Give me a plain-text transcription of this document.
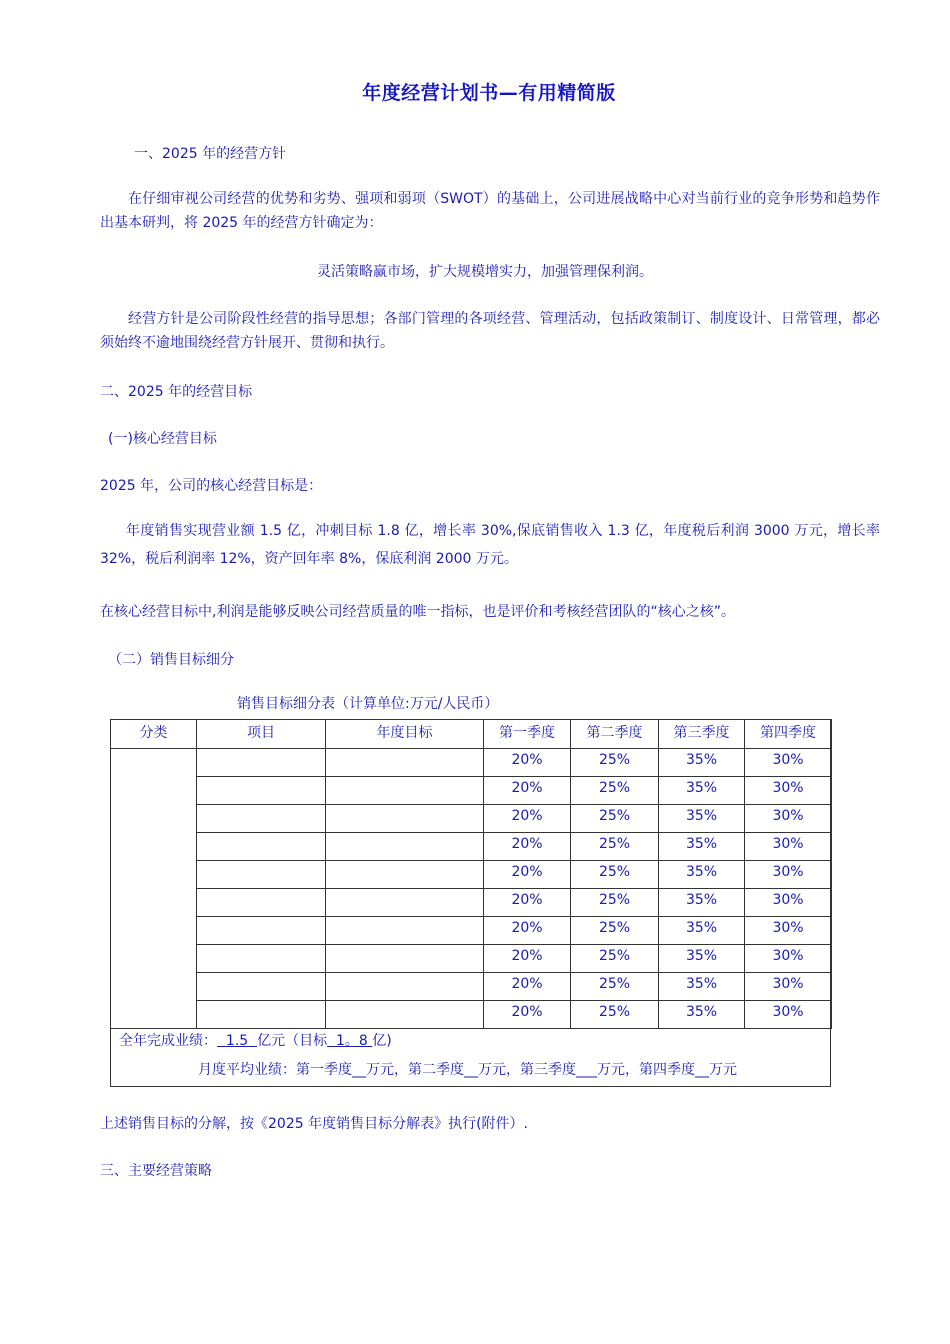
年度经营计划书—有用精简版
一、2025 年的经营方针
在仔细审视公司经营的优势和劣势、强项和弱项（SWOT）的基础上，公司进展战略中心对当前行业的竞争形势和趋势作出基本研判，将 2025 年的经营方针确定为：
灵活策略赢市场，扩大规模增实力，加强管理保利润。
经营方针是公司阶段性经营的指导思想；各部门管理的各项经营、管理活动，包括政策制订、制度设计、日常管理，都必须始终不逾地围绕经营方针展开、贯彻和执行。
二、2025 年的经营目标
(一)核心经营目标
2025 年，公司的核心经营目标是：
年度销售实现营业额 1.5 亿，冲刺目标 1.8 亿，增长率 30%,保底销售收入 1.3 亿，年度税后利润 3000 万元，增长率 32%，税后利润率 12%，资产回年率 8%，保底利润 2000 万元。
在核心经营目标中,利润是能够反映公司经营质量的唯一指标，也是评价和考核经营团队的“核心之核”。
（二）销售目标细分
销售目标细分表（计算单位:万元/人民币）
分类	项目	年度目标	第一季度	第二季度	第三季度	第四季度
			20%	25%	35%	30%
			20%	25%	35%	30%
			20%	25%	35%	30%
			20%	25%	35%	30%
			20%	25%	35%	30%
			20%	25%	35%	30%
			20%	25%	35%	30%
			20%	25%	35%	30%
			20%	25%	35%	30%
			20%	25%	35%	30%
全年完成业绩： 1.5 亿元（目标 1。8 亿)
月度平均业绩：第一季度__万元，第二季度__万元，第三季度___万元，第四季度__万元
上述销售目标的分解，按《2025 年度销售目标分解表》执行(附件）.
三、主要经营策略
